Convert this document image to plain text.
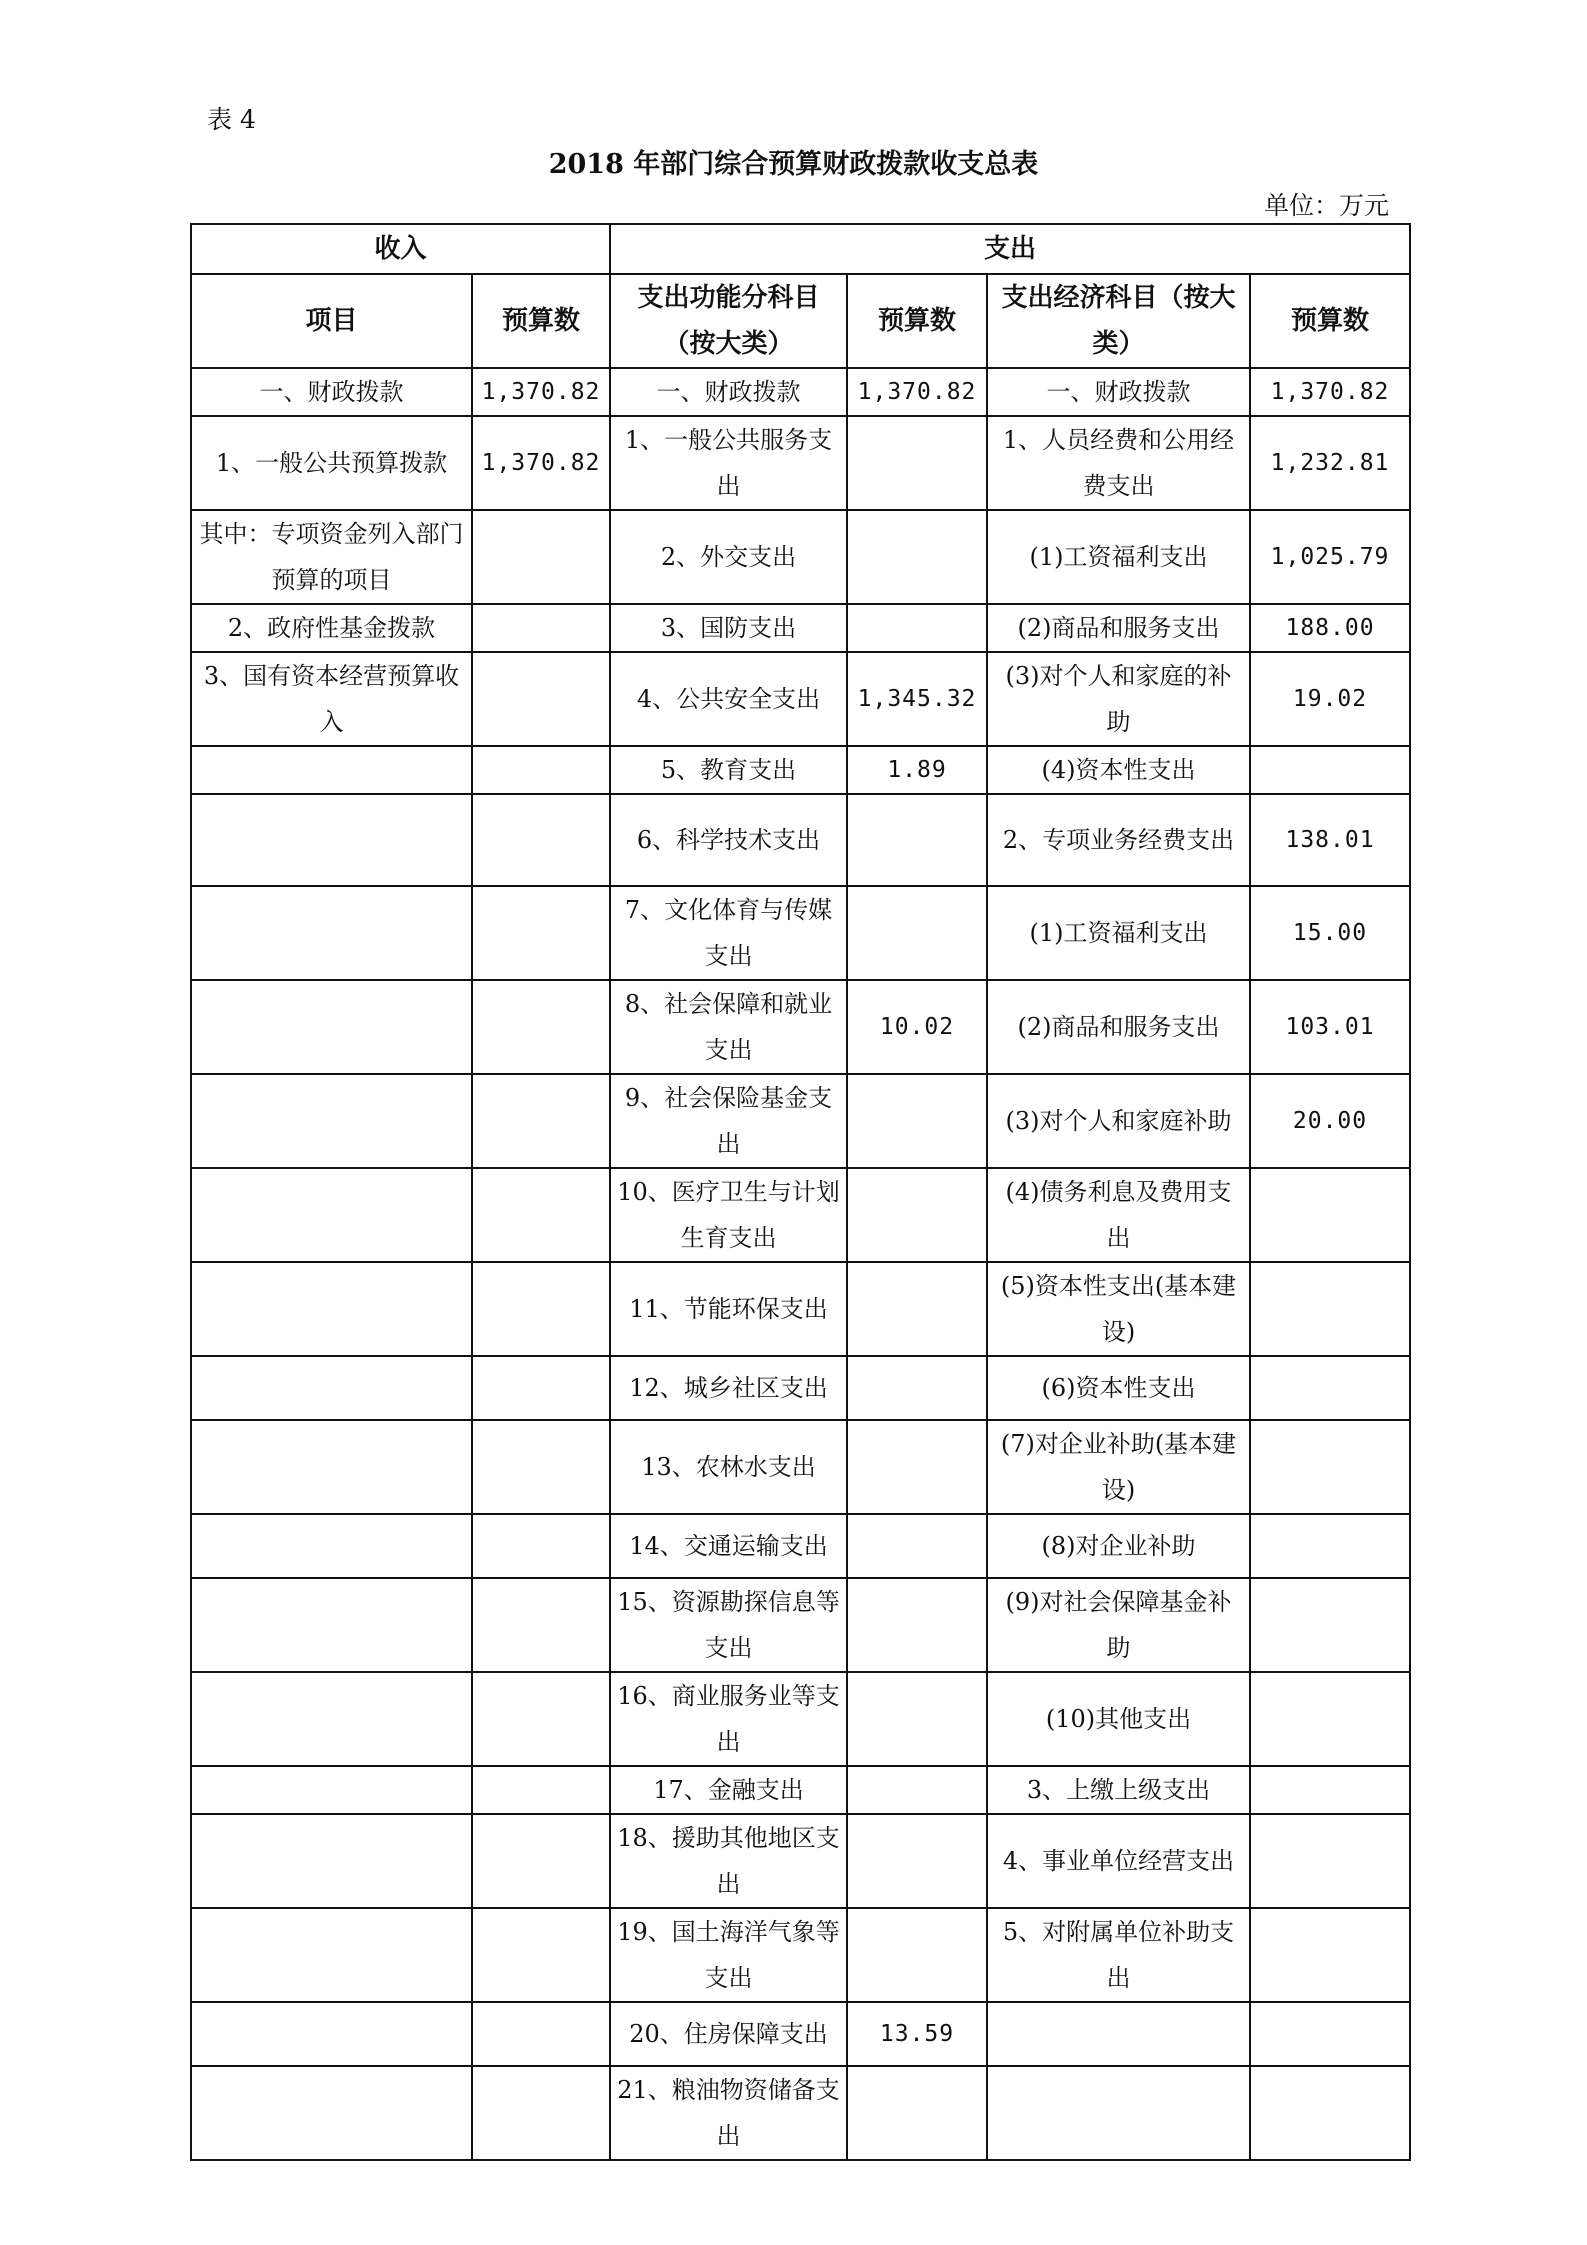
表 4
2018 年部门综合预算财政拨款收支总表
单位：万元
收入		支出			
项目	预算数	支出功能分科目（按大类）	预算数	支出经济科目（按大类）	预算数
一、财政拨款	1,370.82	一、财政拨款	1,370.82	一、财政拨款	1,370.82
1、一般公共预算拨款	1,370.82	1、一般公共服务支出		1、人员经费和公用经费支出	1,232.81
其中：专项资金列入部门预算的项目		2、外交支出		(1)工资福利支出	1,025.79
2、政府性基金拨款		3、国防支出		(2)商品和服务支出	188.00
3、国有资本经营预算收入		4、公共安全支出	1,345.32	(3)对个人和家庭的补助	19.02
		5、教育支出	1.89	(4)资本性支出	
		6、科学技术支出		2、专项业务经费支出	138.01
		7、文化体育与传媒支出		(1)工资福利支出	15.00
		8、社会保障和就业支出	10.02	(2)商品和服务支出	103.01
		9、社会保险基金支出		(3)对个人和家庭补助	20.00
		10、医疗卫生与计划生育支出		(4)债务利息及费用支出	
		11、节能环保支出		(5)资本性支出(基本建设)	
		12、城乡社区支出		(6)资本性支出	
		13、农林水支出		(7)对企业补助(基本建设)	
		14、交通运输支出		(8)对企业补助	
		15、资源勘探信息等支出		(9)对社会保障基金补助	
		16、商业服务业等支出		(10)其他支出	
		17、金融支出		3、上缴上级支出	
		18、援助其他地区支出		4、事业单位经营支出	
		19、国土海洋气象等支出		5、对附属单位补助支出	
		20、住房保障支出	13.59		
		21、粮油物资储备支出			
